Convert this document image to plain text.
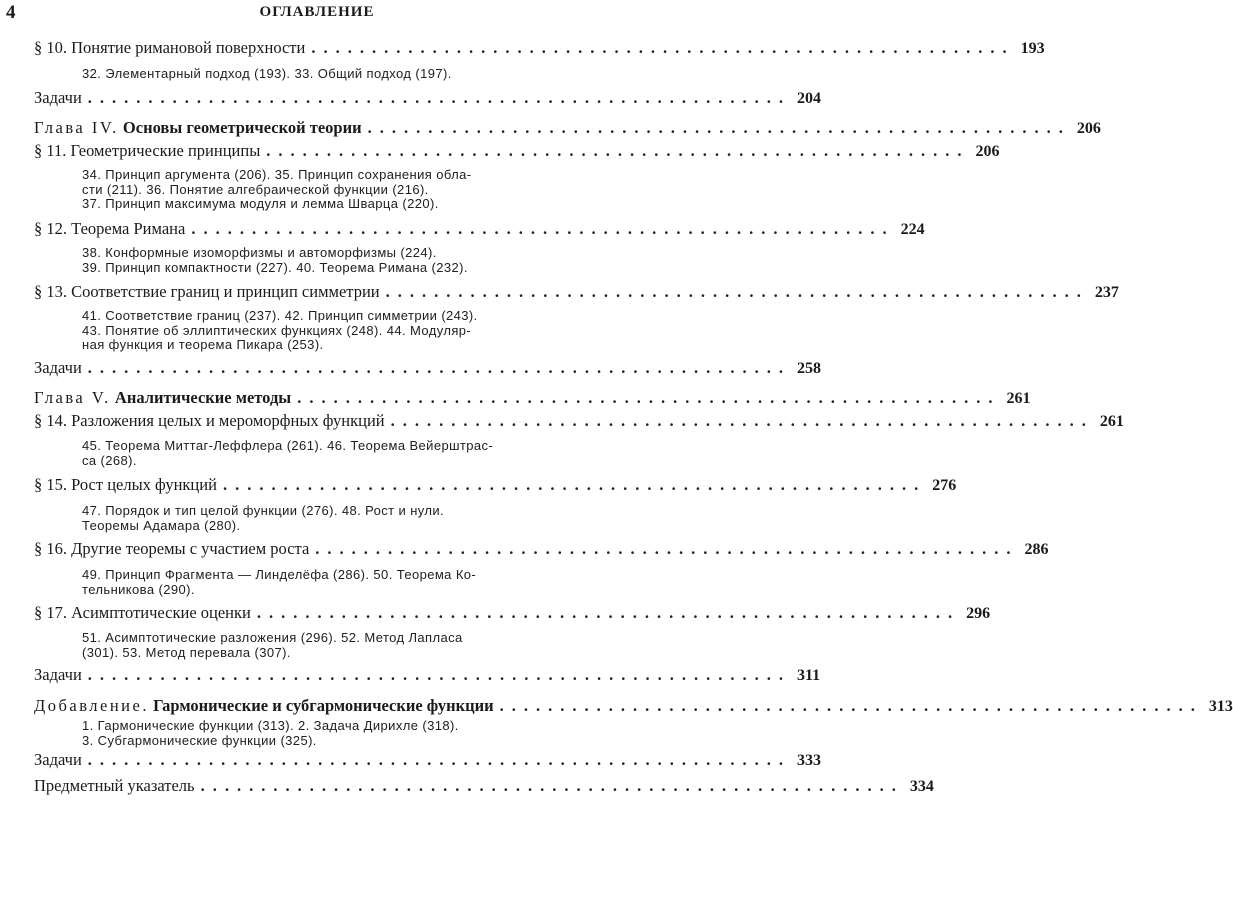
4	ОГЛАВЛЕНИЕ
§ 10. Понятие римановой поверхности .......................................................... 193
32. Элементарный подход (193). 33. Общий подход (197).
Задачи .......................................................... 204
Глава IV.
Основы геометрической теории .......................................................... 206
§ 11. Геометрические принципы .......................................................... 206
34. Принцип аргумента (206). 35. Принцип сохранения обла-
сти (211). 36. Понятие алгебраической функции (216).
37. Принцип максимума модуля и лемма Шварца (220).
§ 12. Теорема Римана .......................................................... 224
38. Конформные изоморфизмы и автоморфизмы (224).
39. Принцип компактности (227). 40. Теорема Римана (232).
§ 13. Соответствие границ и принцип симметрии .......................................................... 237
41. Соответствие границ (237). 42. Принцип симметрии (243).
43. Понятие об эллиптических функциях (248). 44. Модуляр-
ная функция и теорема Пикара (253).
Задачи .......................................................... 258
Глава V.
Аналитические методы .......................................................... 261
§ 14. Разложения целых и мероморфных функций .......................................................... 261
45. Теорема Миттаг-Леффлера (261). 46. Теорема Вейерштрас-
са (268).
§ 15. Рост целых функций .......................................................... 276
47. Порядок и тип целой функции (276). 48. Рост и нули.
Теоремы Адамара (280).
§ 16. Другие теоремы с участием роста .......................................................... 286
49. Принцип Фрагмента — Линделёфа (286). 50. Теорема Ко-
тельникова (290).
§ 17. Асимптотические оценки .......................................................... 296
51. Асимптотические разложения (296). 52. Метод Лапласа
(301). 53. Метод перевала (307).
Задачи .......................................................... 311
Добавление.
Гармонические и субгармонические функции .......................................................... 313
1. Гармонические функции (313). 2. Задача Дирихле (318).
3. Субгармонические функции (325).
Задачи .......................................................... 333
Предметный указатель .......................................................... 334
